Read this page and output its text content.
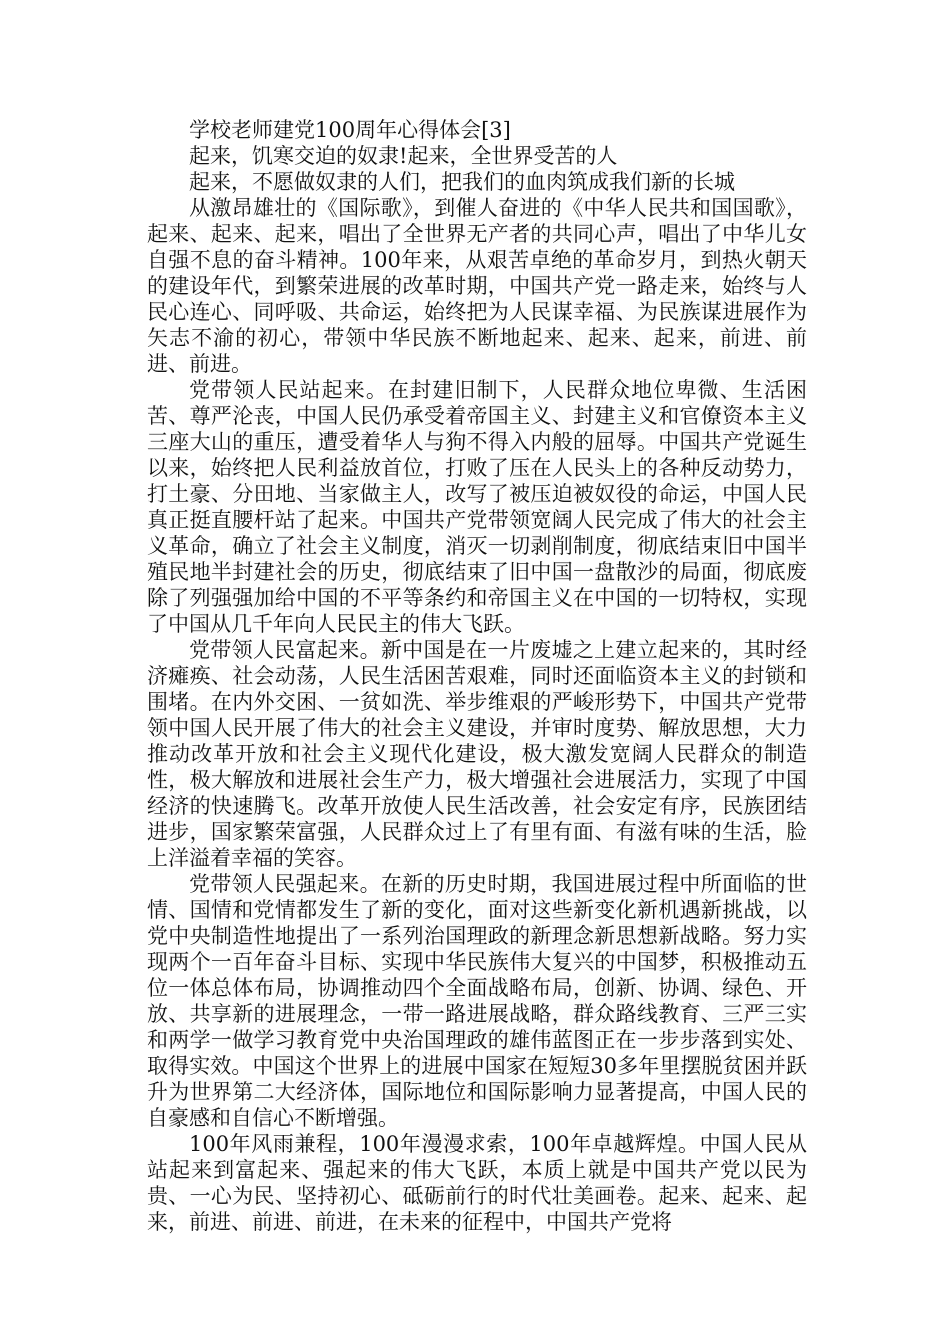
学校老师建党100周年心得体会[3]

起来，饥寒交迫的奴隶!起来，全世界受苦的人

起来，不愿做奴隶的人们，把我们的血肉筑成我们新的长城

从激昂雄壮的《国际歌》，到催人奋进的《中华人民共和国国歌》，起来、起来、起来，唱出了全世界无产者的共同心声，唱出了中华儿女自强不息的奋斗精神。100年来，从艰苦卓绝的革命岁月，到热火朝天的建设年代，到繁荣进展的改革时期，中国共产党一路走来，始终与人民心连心、同呼吸、共命运，始终把为人民谋幸福、为民族谋进展作为矢志不渝的初心，带领中华民族不断地起来、起来、起来，前进、前进、前进。

党带领人民站起来。在封建旧制下，人民群众地位卑微、生活困苦、尊严沦丧，中国人民仍承受着帝国主义、封建主义和官僚资本主义三座大山的重压，遭受着华人与狗不得入内般的屈辱。中国共产党诞生以来，始终把人民利益放首位，打败了压在人民头上的各种反动势力，打土豪、分田地、当家做主人，改写了被压迫被奴役的命运，中国人民真正挺直腰杆站了起来。中国共产党带领宽阔人民完成了伟大的社会主义革命，确立了社会主义制度，消灭一切剥削制度，彻底结束旧中国半殖民地半封建社会的历史，彻底结束了旧中国一盘散沙的局面，彻底废除了列强强加给中国的不平等条约和帝国主义在中国的一切特权，实现了中国从几千年向人民民主的伟大飞跃。

党带领人民富起来。新中国是在一片废墟之上建立起来的，其时经济瘫痪、社会动荡，人民生活困苦艰难，同时还面临资本主义的封锁和围堵。在内外交困、一贫如洗、举步维艰的严峻形势下，中国共产党带领中国人民开展了伟大的社会主义建设，并审时度势、解放思想，大力推动改革开放和社会主义现代化建设，极大激发宽阔人民群众的制造性，极大解放和进展社会生产力，极大增强社会进展活力，实现了中国经济的快速腾飞。改革开放使人民生活改善，社会安定有序，民族团结进步，国家繁荣富强，人民群众过上了有里有面、有滋有味的生活，脸上洋溢着幸福的笑容。

党带领人民强起来。在新的历史时期，我国进展过程中所面临的世情、国情和党情都发生了新的变化，面对这些新变化新机遇新挑战，以党中央制造性地提出了一系列治国理政的新理念新思想新战略。努力实现两个一百年奋斗目标、实现中华民族伟大复兴的中国梦，积极推动五位一体总体布局，协调推动四个全面战略布局，创新、协调、绿色、开放、共享新的进展理念，一带一路进展战略，群众路线教育、三严三实和两学一做学习教育党中央治国理政的雄伟蓝图正在一步步落到实处、取得实效。中国这个世界上的进展中国家在短短30多年里摆脱贫困并跃升为世界第二大经济体，国际地位和国际影响力显著提高，中国人民的自豪感和自信心不断增强。

100年风雨兼程，100年漫漫求索，100年卓越辉煌。中国人民从站起来到富起来、强起来的伟大飞跃，本质上就是中国共产党以民为贵、一心为民、坚持初心、砥砺前行的时代壮美画卷。起来、起来、起来，前进、前进、前进，在未来的征程中，中国共产党将
